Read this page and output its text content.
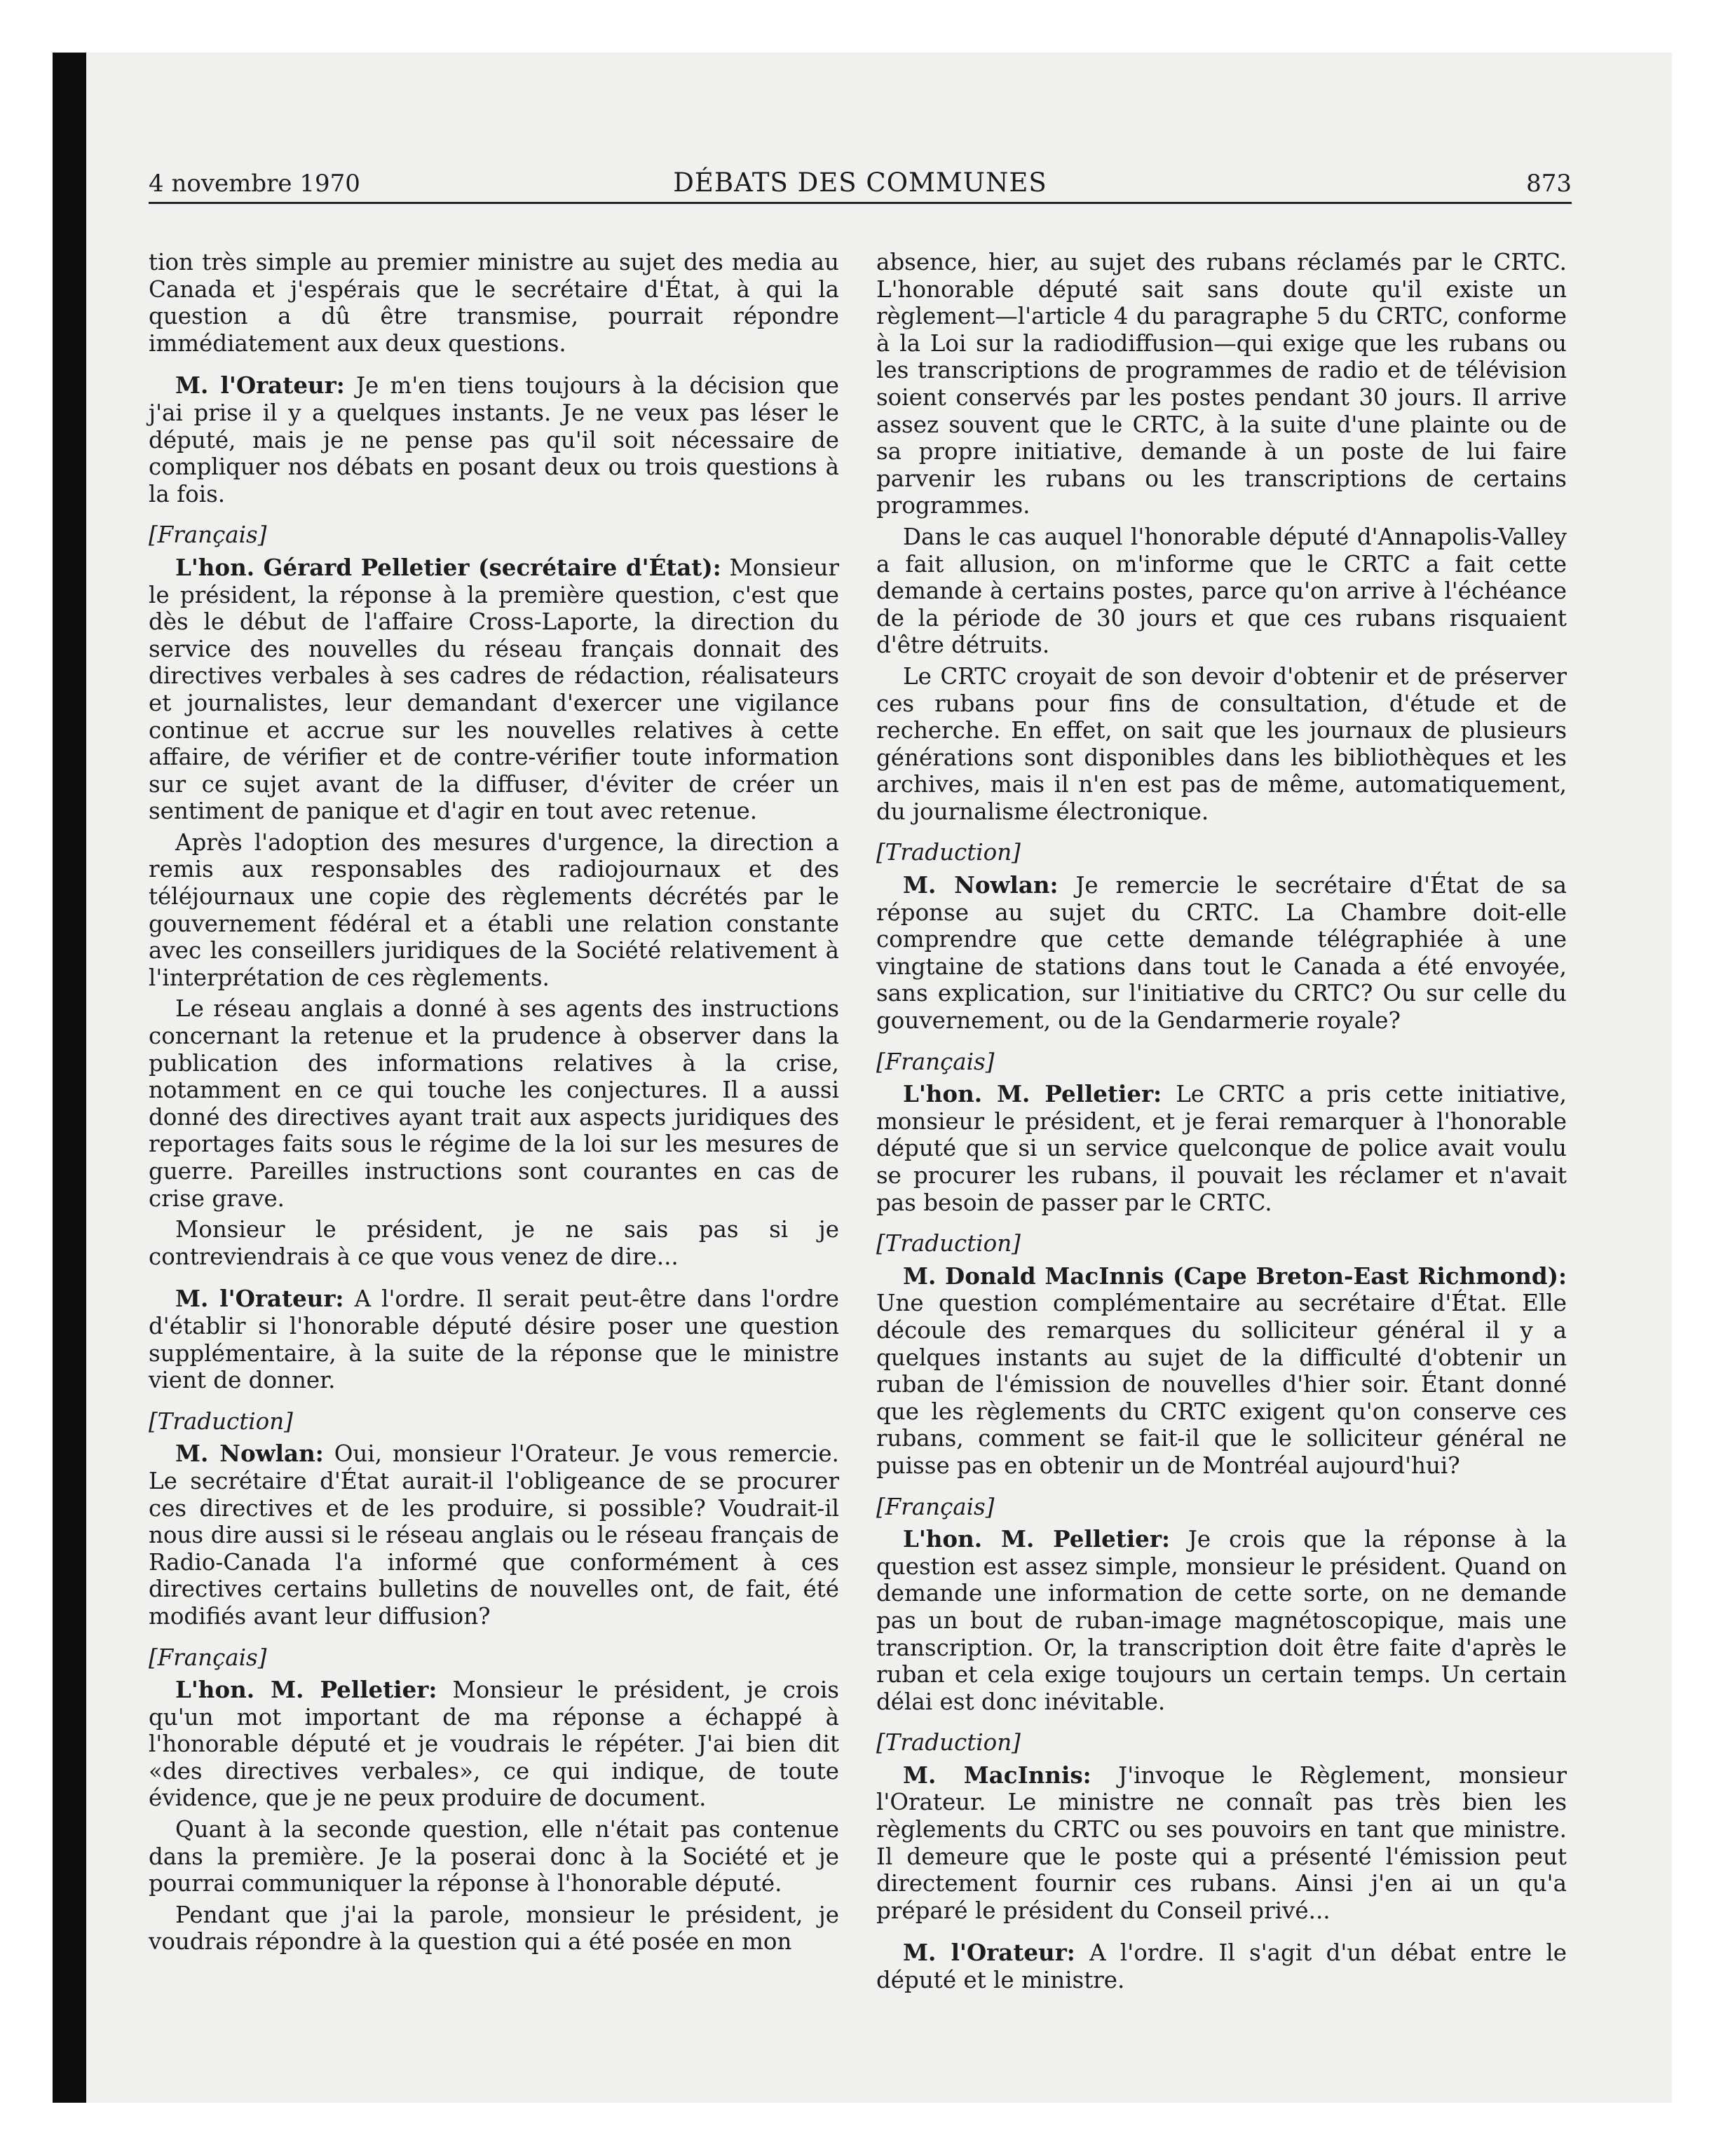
4 novembre 1970	DÉBATS DES COMMUNES	873

tion très simple au premier ministre au sujet des media au Canada et j'espérais que le secrétaire d'État, à qui la question a dû être transmise, pourrait répondre immédiatement aux deux questions.

M. l'Orateur: Je m'en tiens toujours à la décision que j'ai prise il y a quelques instants. Je ne veux pas léser le député, mais je ne pense pas qu'il soit nécessaire de compliquer nos débats en posant deux ou trois questions à la fois.

[Français]

L'hon. Gérard Pelletier (secrétaire d'État): Monsieur le président, la réponse à la première question, c'est que dès le début de l'affaire Cross-Laporte, la direction du service des nouvelles du réseau français donnait des directives verbales à ses cadres de rédaction, réalisateurs et journalistes, leur demandant d'exercer une vigilance continue et accrue sur les nouvelles relatives à cette affaire, de vérifier et de contre-vérifier toute information sur ce sujet avant de la diffuser, d'éviter de créer un sentiment de panique et d'agir en tout avec retenue.

Après l'adoption des mesures d'urgence, la direction a remis aux responsables des radiojournaux et des téléjournaux une copie des règlements décrétés par le gouvernement fédéral et a établi une relation constante avec les conseillers juridiques de la Société relativement à l'interprétation de ces règlements.

Le réseau anglais a donné à ses agents des instructions concernant la retenue et la prudence à observer dans la publication des informations relatives à la crise, notamment en ce qui touche les conjectures. Il a aussi donné des directives ayant trait aux aspects juridiques des reportages faits sous le régime de la loi sur les mesures de guerre. Pareilles instructions sont courantes en cas de crise grave.

Monsieur le président, je ne sais pas si je contreviendrais à ce que vous venez de dire...

M. l'Orateur: A l'ordre. Il serait peut-être dans l'ordre d'établir si l'honorable député désire poser une question supplémentaire, à la suite de la réponse que le ministre vient de donner.

[Traduction]

M. Nowlan: Oui, monsieur l'Orateur. Je vous remercie. Le secrétaire d'État aurait-il l'obligeance de se procurer ces directives et de les produire, si possible? Voudrait-il nous dire aussi si le réseau anglais ou le réseau français de Radio-Canada l'a informé que conformément à ces directives certains bulletins de nouvelles ont, de fait, été modifiés avant leur diffusion?

[Français]

L'hon. M. Pelletier: Monsieur le président, je crois qu'un mot important de ma réponse a échappé à l'honorable député et je voudrais le répéter. J'ai bien dit «des directives verbales», ce qui indique, de toute évidence, que je ne peux produire de document.

Quant à la seconde question, elle n'était pas contenue dans la première. Je la poserai donc à la Société et je pourrai communiquer la réponse à l'honorable député.

Pendant que j'ai la parole, monsieur le président, je voudrais répondre à la question qui a été posée en mon

absence, hier, au sujet des rubans réclamés par le CRTC. L'honorable député sait sans doute qu'il existe un règlement—l'article 4 du paragraphe 5 du CRTC, conforme à la Loi sur la radiodiffusion—qui exige que les rubans ou les transcriptions de programmes de radio et de télévision soient conservés par les postes pendant 30 jours. Il arrive assez souvent que le CRTC, à la suite d'une plainte ou de sa propre initiative, demande à un poste de lui faire parvenir les rubans ou les transcriptions de certains programmes.

Dans le cas auquel l'honorable député d'Annapolis-Valley a fait allusion, on m'informe que le CRTC a fait cette demande à certains postes, parce qu'on arrive à l'échéance de la période de 30 jours et que ces rubans risquaient d'être détruits.

Le CRTC croyait de son devoir d'obtenir et de préserver ces rubans pour fins de consultation, d'étude et de recherche. En effet, on sait que les journaux de plusieurs générations sont disponibles dans les bibliothèques et les archives, mais il n'en est pas de même, automatiquement, du journalisme électronique.

[Traduction]

M. Nowlan: Je remercie le secrétaire d'État de sa réponse au sujet du CRTC. La Chambre doit-elle comprendre que cette demande télégraphiée à une vingtaine de stations dans tout le Canada a été envoyée, sans explication, sur l'initiative du CRTC? Ou sur celle du gouvernement, ou de la Gendarmerie royale?

[Français]

L'hon. M. Pelletier: Le CRTC a pris cette initiative, monsieur le président, et je ferai remarquer à l'honorable député que si un service quelconque de police avait voulu se procurer les rubans, il pouvait les réclamer et n'avait pas besoin de passer par le CRTC.

[Traduction]

M. Donald MacInnis (Cape Breton-East Richmond): Une question complémentaire au secrétaire d'État. Elle découle des remarques du solliciteur général il y a quelques instants au sujet de la difficulté d'obtenir un ruban de l'émission de nouvelles d'hier soir. Étant donné que les règlements du CRTC exigent qu'on conserve ces rubans, comment se fait-il que le solliciteur général ne puisse pas en obtenir un de Montréal aujourd'hui?

[Français]

L'hon. M. Pelletier: Je crois que la réponse à la question est assez simple, monsieur le président. Quand on demande une information de cette sorte, on ne demande pas un bout de ruban-image magnétoscopique, mais une transcription. Or, la transcription doit être faite d'après le ruban et cela exige toujours un certain temps. Un certain délai est donc inévitable.

[Traduction]

M. MacInnis: J'invoque le Règlement, monsieur l'Orateur. Le ministre ne connaît pas très bien les règlements du CRTC ou ses pouvoirs en tant que ministre. Il demeure que le poste qui a présenté l'émission peut directement fournir ces rubans. Ainsi j'en ai un qu'a préparé le président du Conseil privé...

M. l'Orateur: A l'ordre. Il s'agit d'un débat entre le député et le ministre.
